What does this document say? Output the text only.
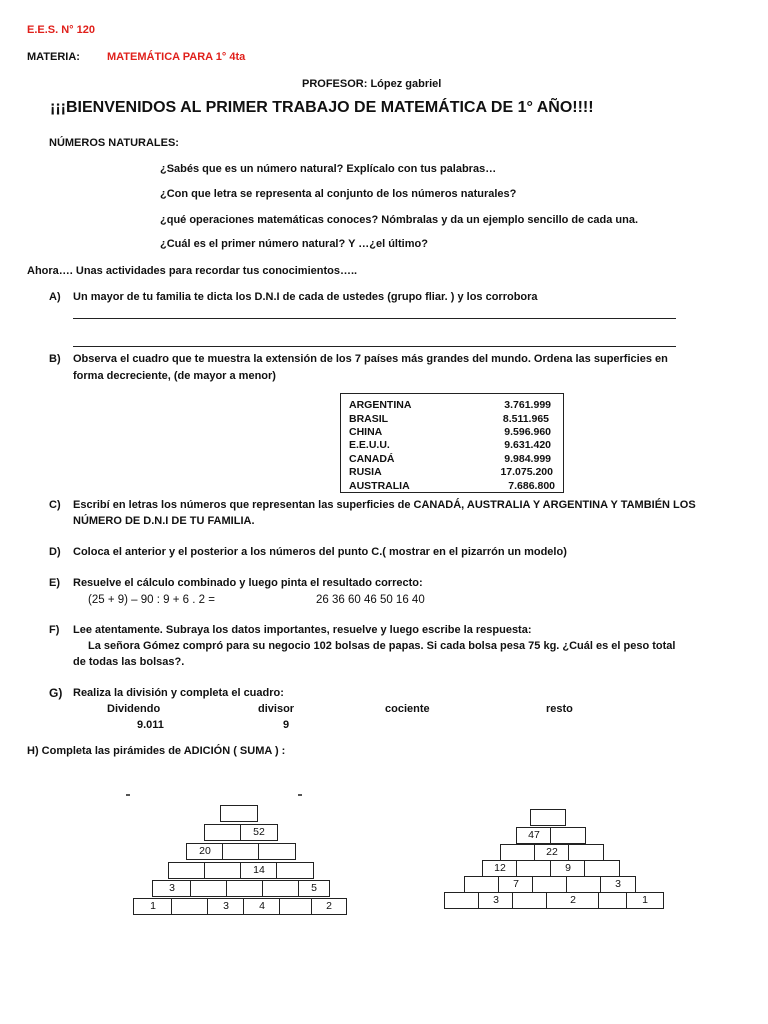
E.E.S. N° 120
MATERIA: MATEMÁTICA PARA 1° 4ta
PROFESOR: López gabriel
¡¡¡BIENVENIDOS AL PRIMER TRABAJO DE MATEMÁTICA DE 1° AÑO!!!!
NÚMEROS NATURALES:
¿Sabés que es un número natural? Explícalo con tus palabras…
¿Con que letra se representa al conjunto de los números naturales?
¿qué operaciones matemáticas conoces? Nómbralas y da un ejemplo sencillo de cada una.
¿Cuál es el primer número natural? Y …¿el último?
Ahora…. Unas actividades para recordar tus conocimientos…..
A) Un mayor de tu familia te dicta los D.N.I de cada de ustedes (grupo fliar. ) y los corrobora
B) Observa el cuadro que te muestra la extensión de los 7 países más grandes del mundo. Ordena las superficies en
forma decreciente, (de mayor a menor)
ARGENTINA	3.761.999
BRASIL	8.511.965
CHINA	9.596.960
E.E.U.U.	9.631.420
CANADÁ	9.984.999
RUSIA	17.075.200
AUSTRALIA	7.686.800
C) Escribí en letras los números que representan las superficies de CANADÁ, AUSTRALIA Y ARGENTINA Y TAMBIÉN LOS
NÚMERO DE D.N.I DE TU FAMILIA.
D) Coloca el anterior y el posterior a los números del punto C.( mostrar en el pizarrón un modelo)
E) Resuelve el cálculo combinado y luego pinta el resultado correcto:
(25 + 9) – 90 : 9 + 6 . 2 =	26 36 60 46 50 16 40
F) Lee atentamente. Subraya los datos importantes, resuelve y luego escribe la respuesta:
La señora Gómez compró para su negocio 102 bolsas de papas. Si cada bolsa pesa 75 kg. ¿Cuál es el peso total
de todas las bolsas?.
G) Realiza la división y completa el cuadro:
Dividendo	divisor	cociente	resto
9.011	9
H) Completa las pirámides de ADICIÓN ( SUMA ) :
52
20
14
3	5
1	3	4	2
47
22
12	9
7	3
3	2	1
